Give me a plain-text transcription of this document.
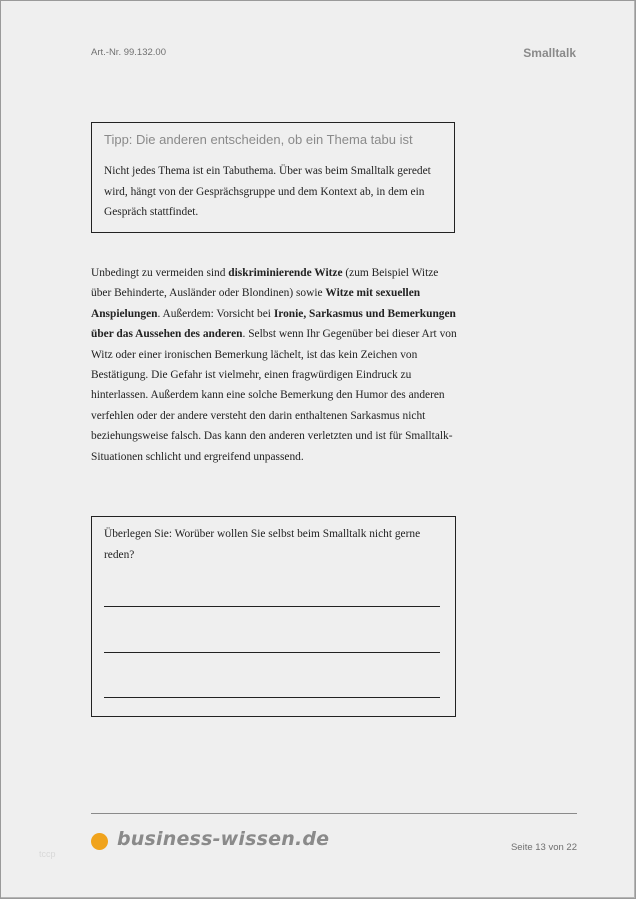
Art.-Nr. 99.132.00	Smalltalk
Tipp: Die anderen entscheiden, ob ein Thema tabu ist
Nicht jedes Thema ist ein Tabuthema. Über was beim Smalltalk geredet wird, hängt von der Gesprächsgruppe und dem Kontext ab, in dem ein Gespräch stattfindet.
Unbedingt zu vermeiden sind diskriminierende Witze (zum Beispiel Witze über Behinderte, Ausländer oder Blondinen) sowie Witze mit sexuellen Anspielungen. Außerdem: Vorsicht bei Ironie, Sarkasmus und Bemerkungen über das Aussehen des anderen. Selbst wenn Ihr Gegenüber bei dieser Art von Witz oder einer ironischen Bemerkung lächelt, ist das kein Zeichen von Bestätigung. Die Gefahr ist vielmehr, einen fragwürdigen Eindruck zu hinterlassen. Außerdem kann eine solche Bemerkung den Humor des anderen verfehlen oder der andere versteht den darin enthaltenen Sarkasmus nicht beziehungsweise falsch. Das kann den anderen verletzten und ist für Smalltalk-Situationen schlicht und ergreifend unpassend.
Überlegen Sie: Worüber wollen Sie selbst beim Smalltalk nicht gerne reden?
business-wissen.de	Seite 13 von 22
tccp
